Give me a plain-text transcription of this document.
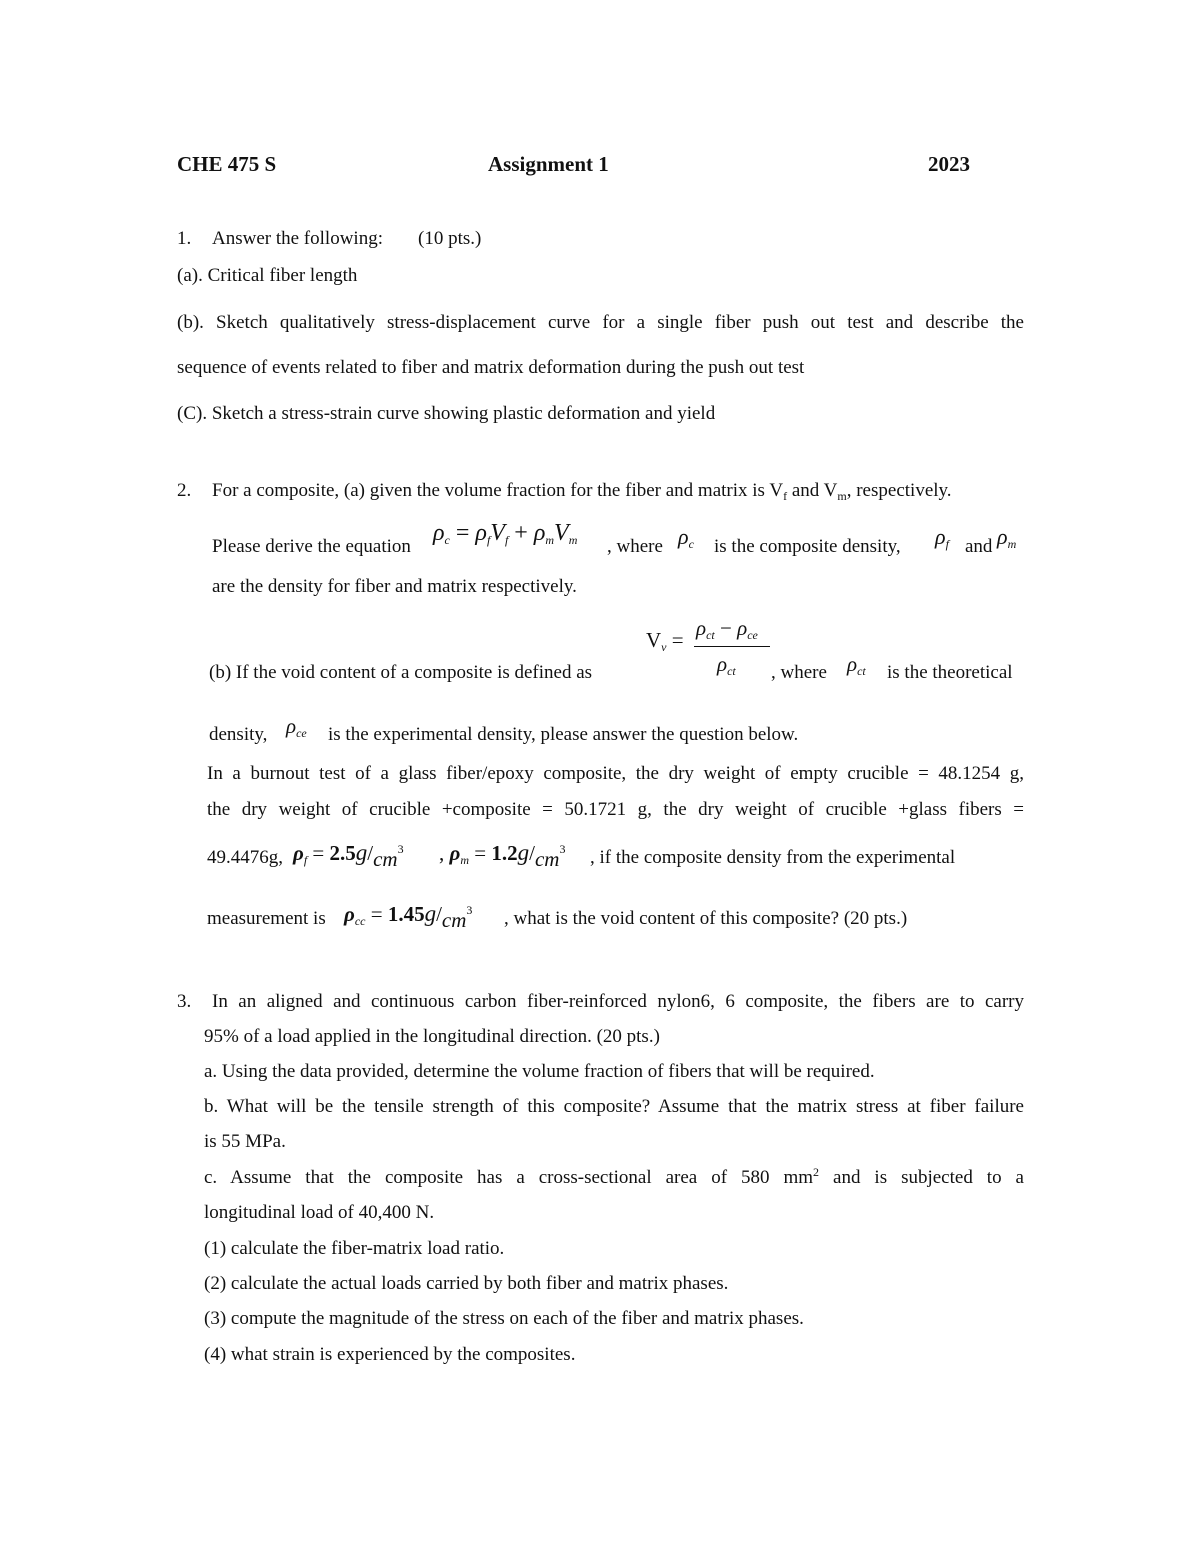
CHE 475 S	Assignment 1	2023
1. Answer the following: (10 pts.)
(a). Critical fiber length
(b). Sketch qualitatively stress-displacement curve for a single fiber push out test and describe the
sequence of events related to fiber and matrix deformation during the push out test
(C). Sketch a stress-strain curve showing plastic deformation and yield
2. For a composite, (a) given the volume fraction for the fiber and matrix is $V_f$ and $V_m$, respectively.
Please derive the equation
$\rho_c = \rho_fV_f + \rho_mV_m$ , where $\rho_c$ is the composite density, $\rho_f$ and $\rho_m$
are the density for fiber and matrix respectively.
$V_v = \rho_{ct} - \rho_{ce}$
$\rho_{ct}$
(b) If the void content of a composite is defined as	, where $\rho_{ct}$ is the theoretical
density, $\rho_{ce}$ is the experimental density, please answer the question below.
In a burnout test of a glass fiber/epoxy composite, the dry weight of empty crucible = 48.1254 g,
the dry weight of crucible +composite = 50.1721 g, the dry weight of crucible +glass fibers =
49.4476g, $\rho_f = 2.5g/cm^3$ , $\rho_m = 1.2g/cm^3$ , if the composite density from the experimental
measurement is $\rho_{cc} = 1.45g/cm^3$ , what is the void content of this composite? (20 pts.)
3. In an aligned and continuous carbon fiber-reinforced nylon6, 6 composite, the fibers are to carry
95% of a load applied in the longitudinal direction. (20 pts.)
a. Using the data provided, determine the volume fraction of fibers that will be required.
b. What will be the tensile strength of this composite? Assume that the matrix stress at fiber failure
is 55 MPa.
c. Assume that the composite has a cross-sectional area of 580 $mm^2$ and is subjected to a
longitudinal load of 40,400 N.
(1) calculate the fiber-matrix load ratio.
(2) calculate the actual loads carried by both fiber and matrix phases.
(3) compute the magnitude of the stress on each of the fiber and matrix phases.
(4) what strain is experienced by the composites.
